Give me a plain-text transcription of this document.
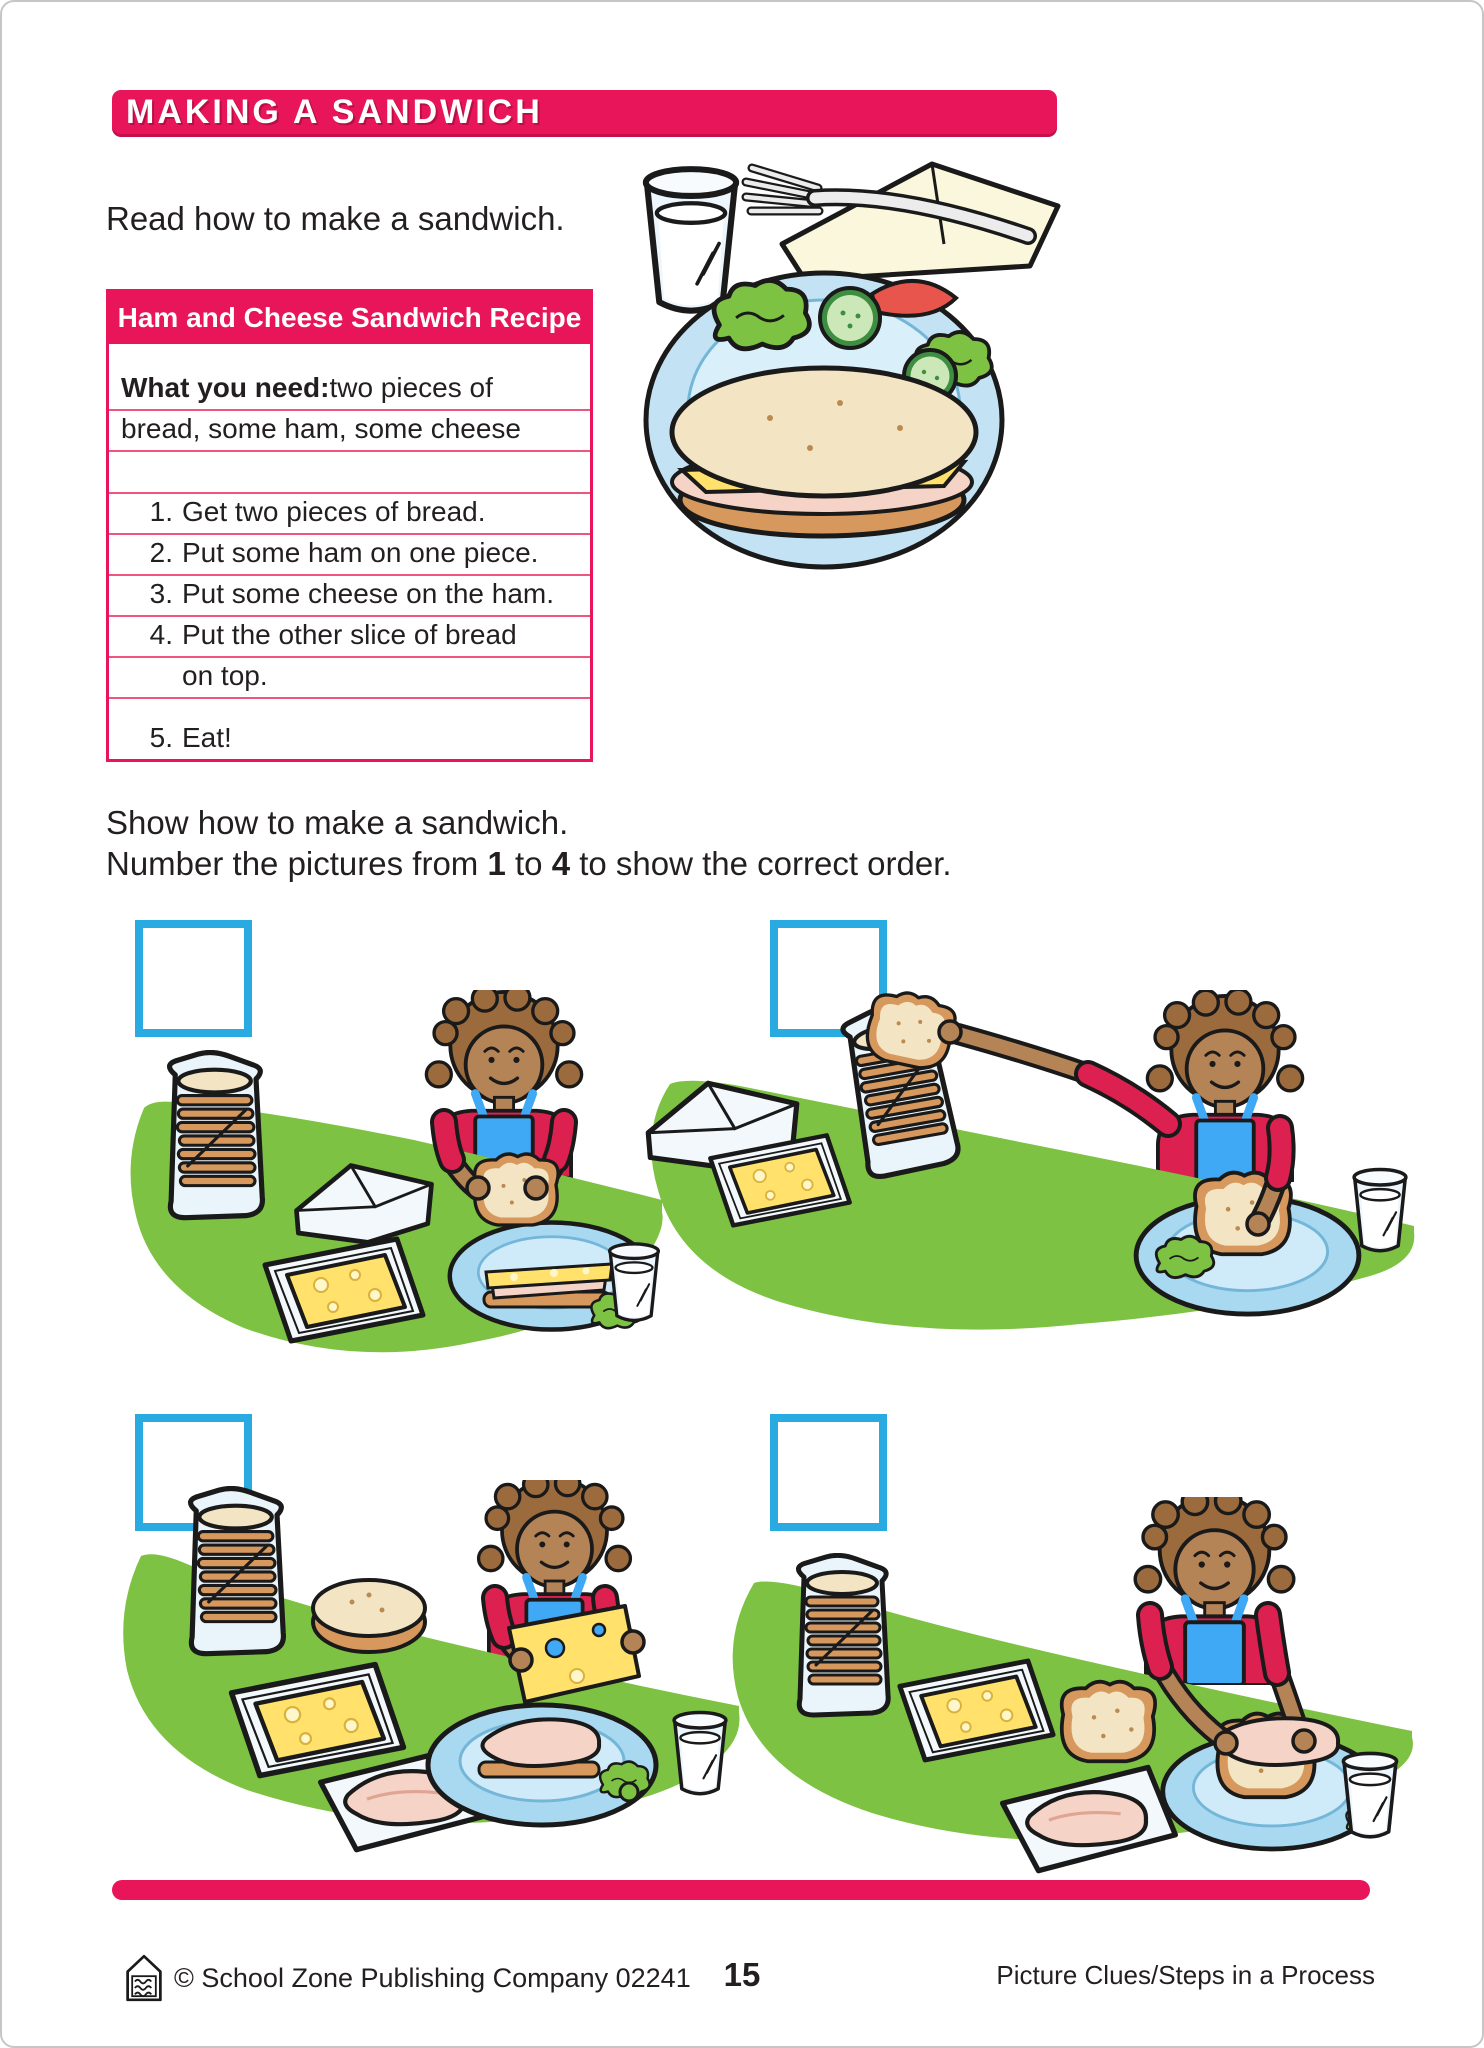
MAKING A SANDWICH

Read how to make a sandwich.

Ham and Cheese Sandwich Recipe
What you need: two pieces of
bread, some ham, some cheese
1. Get two pieces of bread.
2. Put some ham on one piece.
3. Put some cheese on the ham.
4. Put the other slice of bread
on top.
5. Eat!

Show how to make a sandwich.

Number the pictures from 1 to 4 to show the correct order.

© School Zone Publishing Company 02241 15	Picture Clues/Steps in a Process
